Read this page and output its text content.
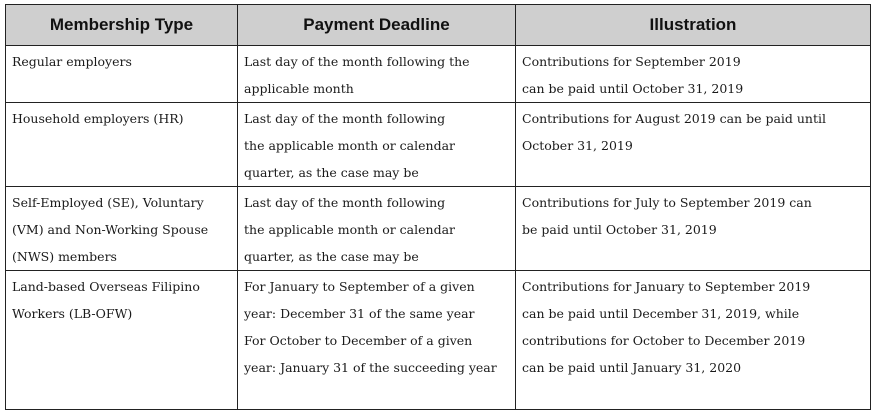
Membership Type	Payment Deadline	Illustration

Regular employers	Last day of the month following the
applicable month	Contributions for September 2019
can be paid until October 31, 2019

Household employers (HR)	Last day of the month following
the applicable month or calendar
quarter, as the case may be	Contributions for August 2019 can be paid until
October 31, 2019

Self-Employed (SE), Voluntary
(VM) and Non-Working Spouse
(NWS) members	Last day of the month following
the applicable month or calendar
quarter, as the case may be	Contributions for July to September 2019 can
be paid until October 31, 2019

Land-based Overseas Filipino
Workers (LB-OFW)	For January to September of a given
year: December 31 of the same year
For October to December of a given
year: January 31 of the succeeding year	Contributions for January to September 2019
can be paid until December 31, 2019, while
contributions for October to December 2019
can be paid until January 31, 2020
